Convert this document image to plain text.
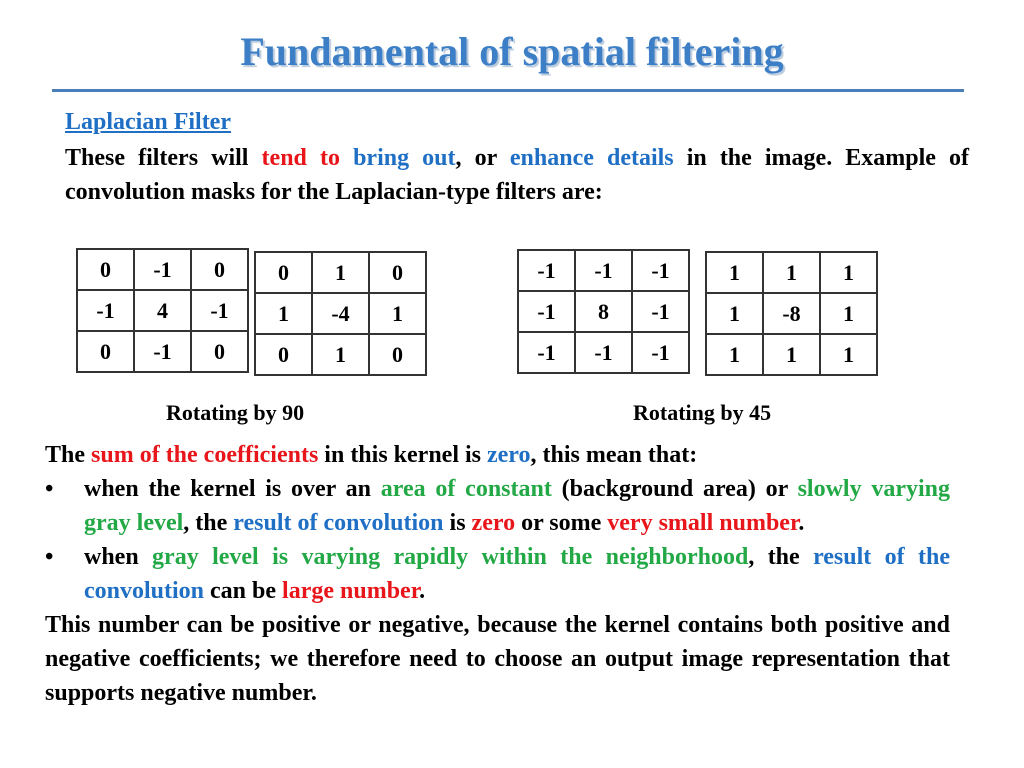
Fundamental of spatial filtering
Laplacian Filter
These filters will tend to bring out, or enhance details in the image. Example of convolution masks for the Laplacian-type filters are:
0	-1	0
-1	4	-1
0	-1	0
0	1	0
1	-4	1
0	1	0
-1	-1	-1
-1	8	-1
-1	-1	-1
1	1	1
1	-8	1
1	1	1
Rotating by 90	Rotating by 45

The sum of the coefficients in this kernel is zero, this mean that:

•	when the kernel is over an area of constant (background area) or slowly varying gray level, the result of convolution is zero or some very small number.
•	when gray level is varying rapidly within the neighborhood, the result of the convolution can be large number.

This number can be positive or negative, because the kernel contains both positive and negative coefficients; we therefore need to choose an output image representation that supports negative number.
